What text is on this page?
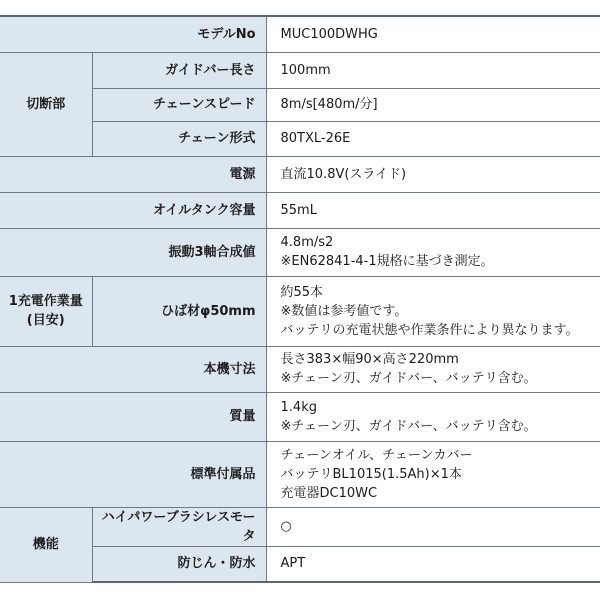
モデルNo		MUC100DWHG
切断部	ガイドバー長さ	100mm
	チェーンスピード	8m/s[480m/分]
	チェーン形式	80TXL-26E
電源		直流10.8V(スライド)
オイルタンク容量		55mL
振動3軸合成値		4.8m/s2
※EN62841-4-1規格に基づき測定。

1充電作業量
(目安)	ひば材φ50mm	約55本
※数値は参考値です。
バッテリの充電状態や作業条件により異なります。

本機寸法		長さ383×幅90×高さ220mm
※チェーン刃、ガイドバー、バッテリ含む。

質量		1.4kg
※チェーン刃、ガイドバー、バッテリ含む。

標準付属品		チェーンオイル、チェーンカバー
バッテリBL1015(1.5Ah)×1本
充電器DC10WC

機能	ハイパワーブラシレスモータ	○
	防じん・防水	APT
